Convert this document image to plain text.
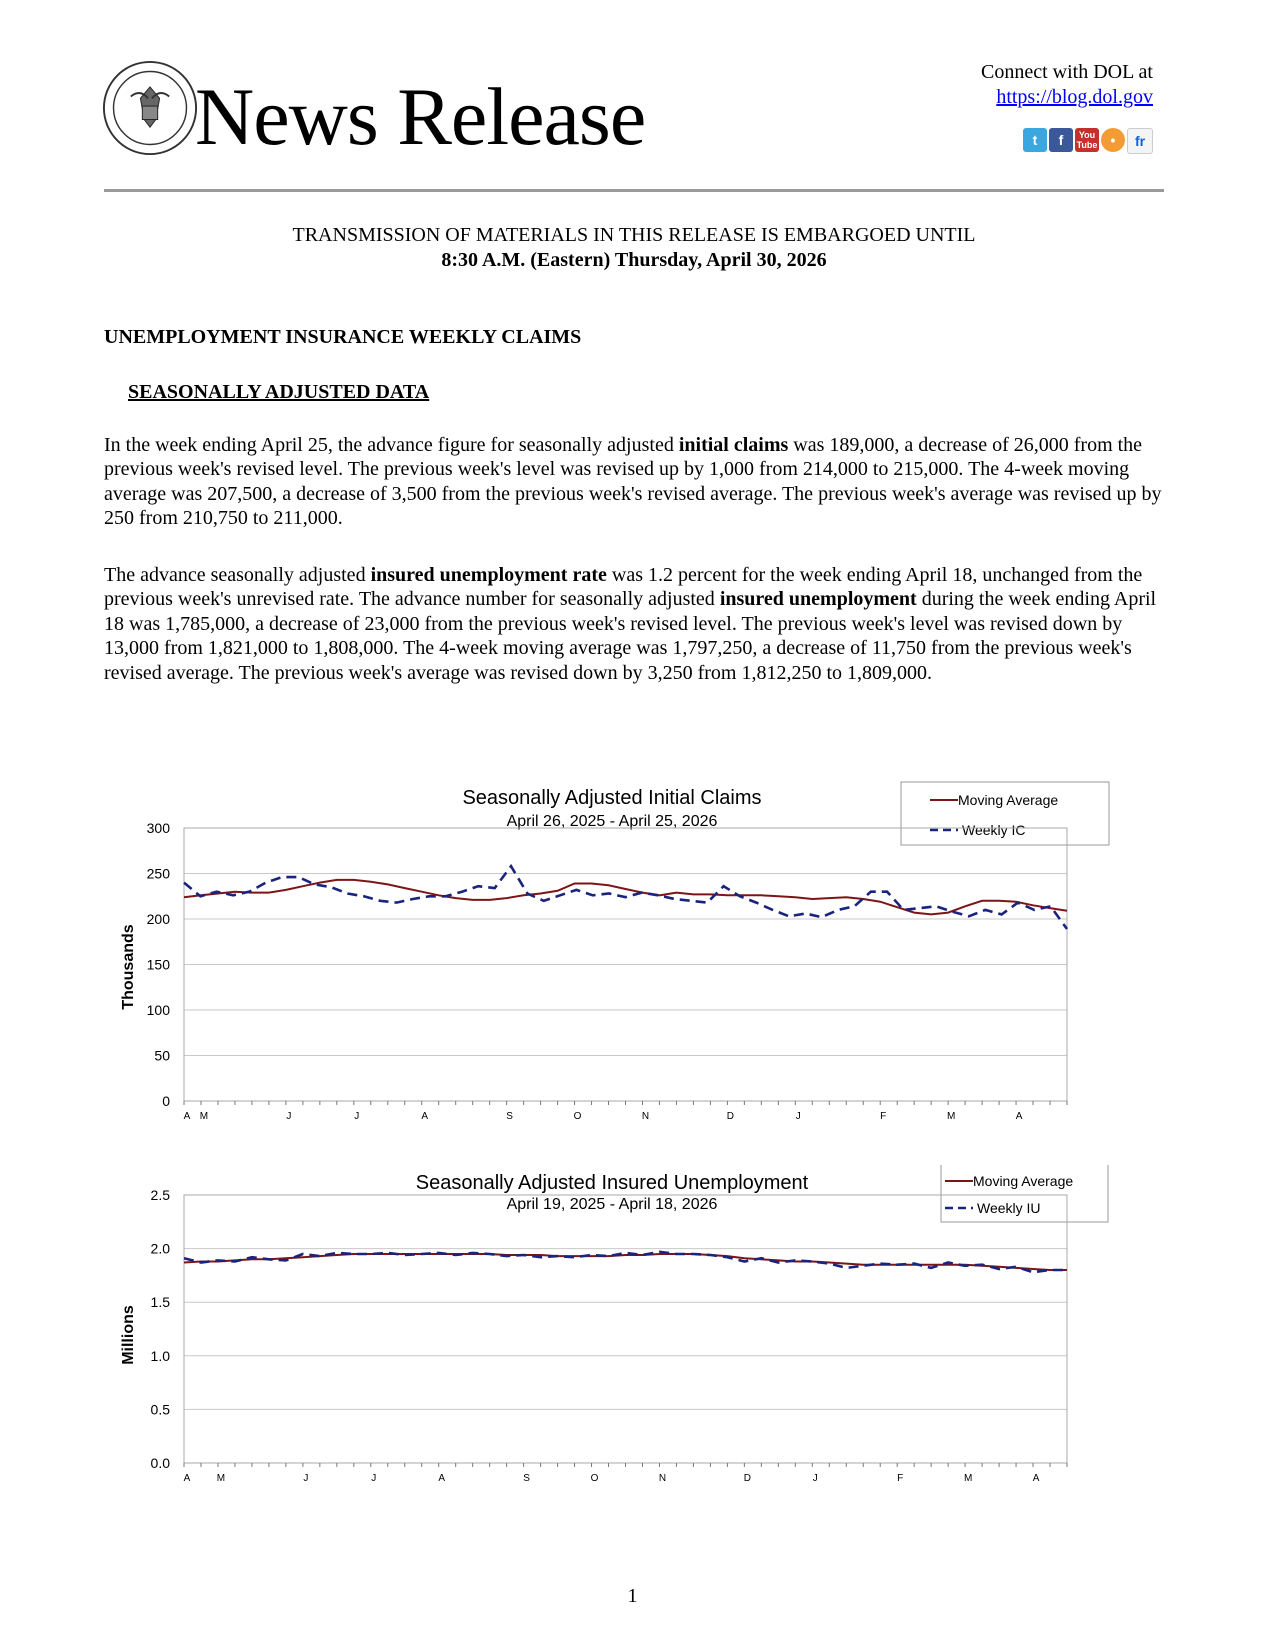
News Release	Connect with DOL at
https://blog.dol.gov
t	f	You
Tube •	fr
TRANSMISSION OF MATERIALS IN THIS RELEASE IS EMBARGOED UNTIL
8:30 A.M. (Eastern) Thursday, April 30, 2026
UNEMPLOYMENT INSURANCE WEEKLY CLAIMS
SEASONALLY ADJUSTED DATA
In the week ending April 25, the advance figure for seasonally adjusted initial claims was 189,000, a decrease of 26,000 from the previous week's revised level. The previous week's level was revised up by 1,000 from 214,000 to 215,000. The 4-week moving average was 207,500, a decrease of 3,500 from the previous week's revised average. The previous week's average was revised up by 250 from 210,750 to 211,000.
The advance seasonally adjusted insured unemployment rate was 1.2 percent for the week ending April 18, unchanged from the previous week's unrevised rate. The advance number for seasonally adjusted insured unemployment during the week ending April 18 was 1,785,000, a decrease of 23,000 from the previous week's revised level. The previous week's level was revised down by 13,000 from 1,821,000 to 1,808,000. The 4-week moving average was 1,797,250, a decrease of 11,750 from the previous week's revised average. The previous week's average was revised down by 3,250 from 1,812,250 to 1,809,000.
Seasonally Adjusted Initial Claims
April 26, 2025 - April 25, 2026
Moving Average
Weekly IC
Thousands
0
50
100
150
200
250
300
A M	J	J	A	S	O	N	D	J	F	M	A
Seasonally Adjusted Insured Unemployment
April 19, 2025 - April 18, 2026
Moving Average
Weekly IU
Millions
0.0
0.5
1.0
1.5
2.0
2.5
A	M	J	J	A	S	O	N	D	J	F	M	A
1
